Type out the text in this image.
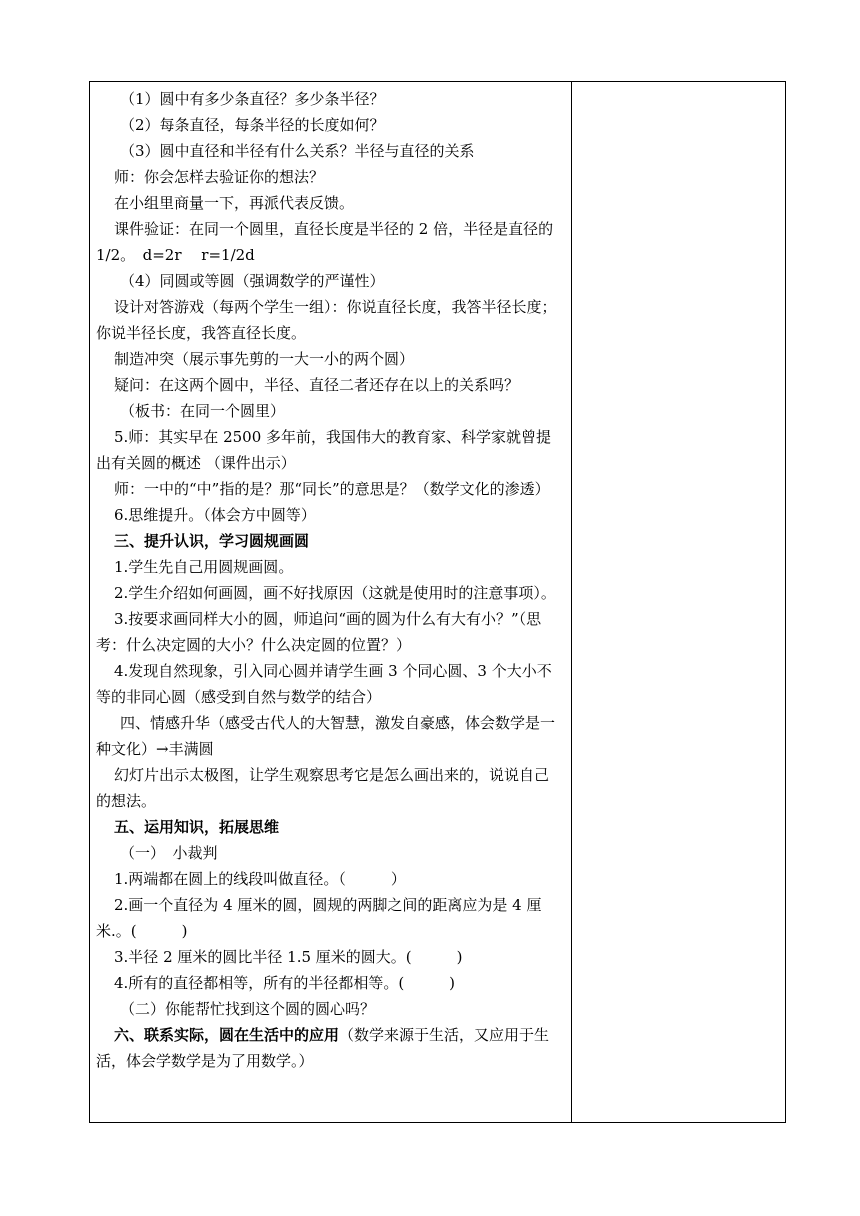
（1）圆中有多少条直径？多少条半径？

（2）每条直径，每条半径的长度如何？

（3）圆中直径和半径有什么关系？半径与直径的关系

师：你会怎样去验证你的想法？

在小组里商量一下，再派代表反馈。

课件验证：在同一个圆里，直径长度是半径的 2 倍，半径是直径的 1/2。　d=2r　 r=1/2d

（4）同圆或等圆（强调数学的严谨性）

设计对答游戏（每两个学生一组）：你说直径长度，我答半径长度；你说半径长度，我答直径长度。

制造冲突（展示事先剪的一大一小的两个圆）

疑问：在这两个圆中，半径、直径二者还存在以上的关系吗？

（板书：在同一个圆里）

5.师：其实早在 2500 多年前，我国伟大的教育家、科学家就曾提出有关圆的概述 （课件出示）

师：一中的“中”指的是？那“同长”的意思是？（数学文化的渗透）

6.思维提升。（体会方中圆等）

三、提升认识，学习圆规画圆

1.学生先自己用圆规画圆。

2.学生介绍如何画圆，画不好找原因（这就是使用时的注意事项）。

3.按要求画同样大小的圆，师追问“画的圆为什么有大有小？”（思考：什么决定圆的大小？什么决定圆的位置？）

4.发现自然现象，引入同心圆并请学生画 3 个同心圆、3 个大小不等的非同心圆（感受到自然与数学的结合）

四、情感升华（感受古代人的大智慧，激发自豪感，体会数学是一种文化）→丰满圆

幻灯片出示太极图，让学生观察思考它是怎么画出来的，说说自己的想法。

五、运用知识，拓展思维

（一）　小裁判

1.两端都在圆上的线段叫做直径。（　　　）

2.画一个直径为 4 厘米的圆，圆规的两脚之间的距离应为是 4 厘米.。(　　　)

3.半径 2 厘米的圆比半径 1.5 厘米的圆大。(　　　)

4.所有的直径都相等，所有的半径都相等。(　　　)

（二）你能帮忙找到这个圆的圆心吗？

六、联系实际，圆在生活中的应用（数学来源于生活，又应用于生活，体会学数学是为了用数学。）
